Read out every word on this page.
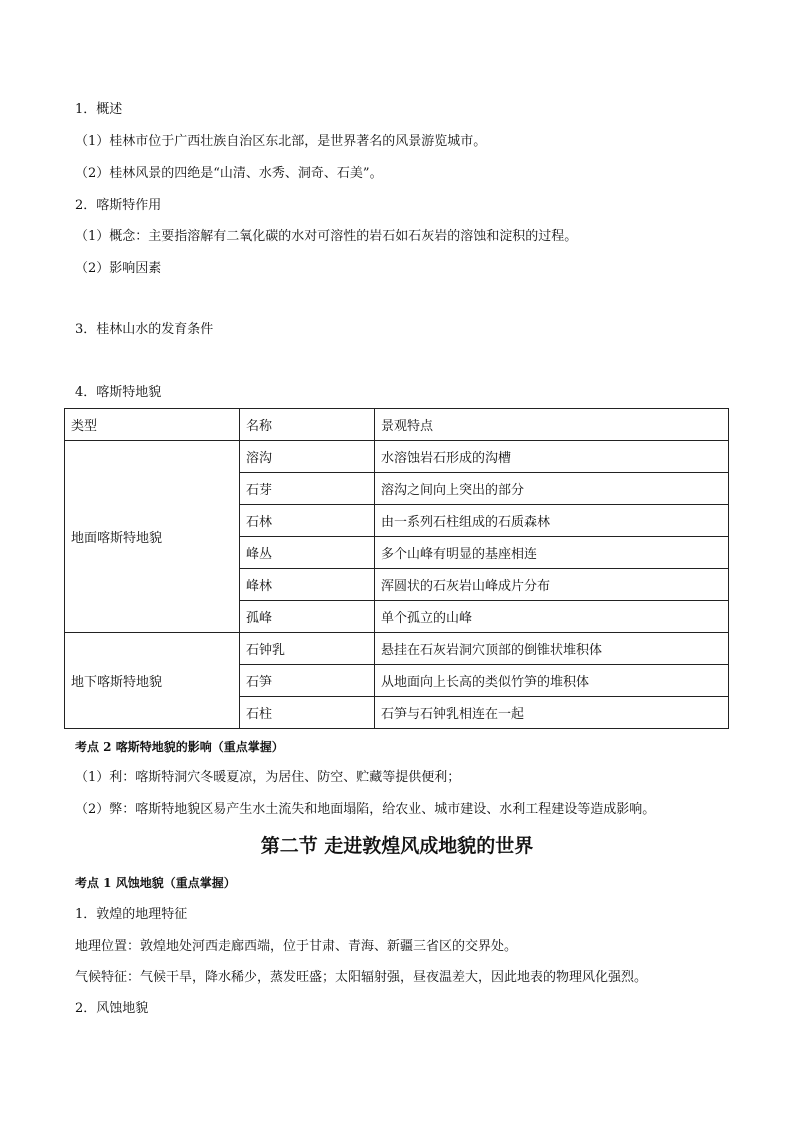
1．概述
（1）桂林市位于广西壮族自治区东北部，是世界著名的风景游览城市。
（2）桂林风景的四绝是“山清、水秀、洞奇、石美”。
2．喀斯特作用
（1）概念：主要指溶解有二氧化碳的水对可溶性的岩石如石灰岩的溶蚀和淀积的过程。
（2）影响因素
3．桂林山水的发育条件
4．喀斯特地貌
类型	名称	景观特点
地面喀斯特地貌	溶沟	水溶蚀岩石形成的沟槽
	石芽	溶沟之间向上突出的部分
	石林	由一系列石柱组成的石质森林
	峰丛	多个山峰有明显的基座相连
	峰林	浑圆状的石灰岩山峰成片分布
	孤峰	单个孤立的山峰
地下喀斯特地貌	石钟乳	悬挂在石灰岩洞穴顶部的倒锥状堆积体
	石笋	从地面向上长高的类似竹笋的堆积体
	石柱	石笋与石钟乳相连在一起
考点 2 喀斯特地貌的影响（重点掌握）
（1）利：喀斯特洞穴冬暖夏凉，为居住、防空、贮藏等提供便利；
（2）弊：喀斯特地貌区易产生水土流失和地面塌陷，给农业、城市建设、水利工程建设等造成影响。
第二节 走进敦煌风成地貌的世界
考点 1 风蚀地貌（重点掌握）
1．敦煌的地理特征
地理位置：敦煌地处河西走廊西端，位于甘肃、青海、新疆三省区的交界处。
气候特征：气候干旱，降水稀少，蒸发旺盛；太阳辐射强，昼夜温差大，因此地表的物理风化强烈。
2．风蚀地貌
